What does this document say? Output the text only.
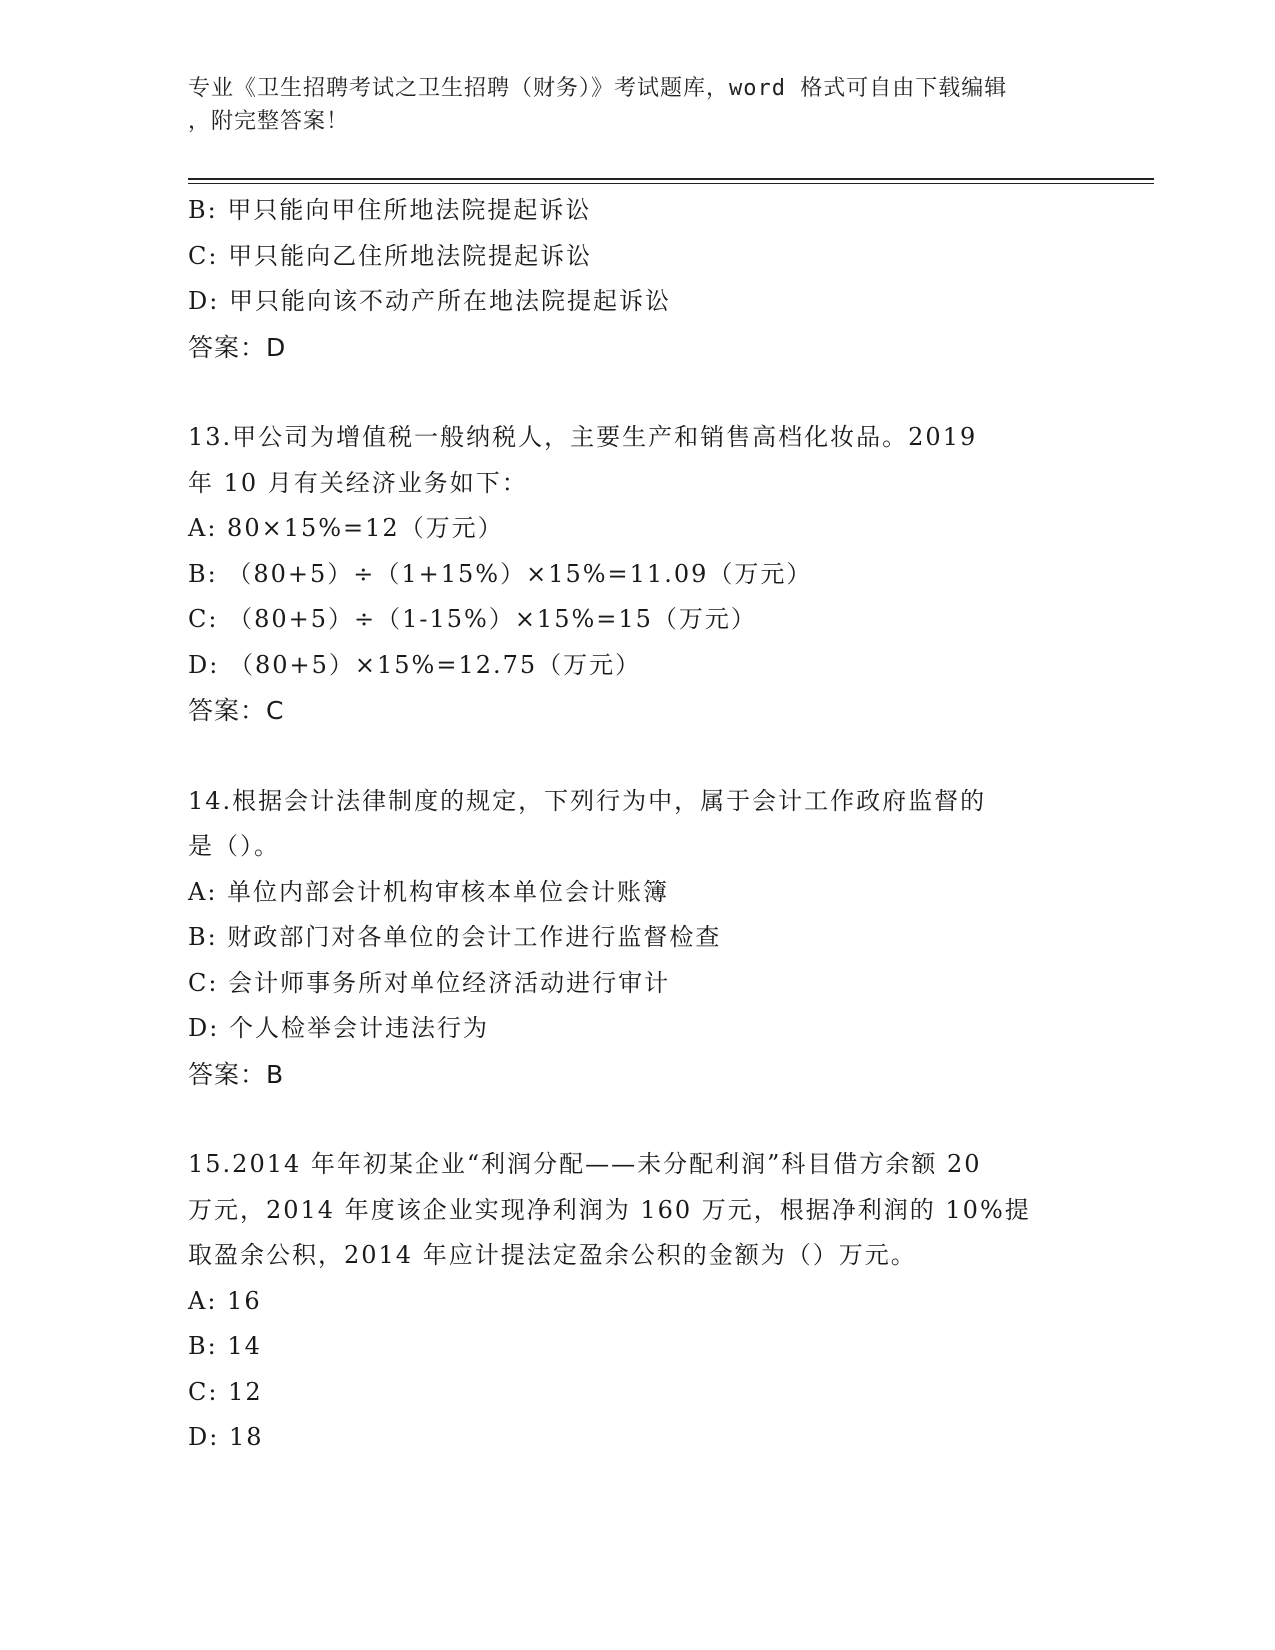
专业《卫生招聘考试之卫生招聘（财务）》考试题库，word 格式可自由下载编辑
，附完整答案！
B: 甲只能向甲住所地法院提起诉讼
C: 甲只能向乙住所地法院提起诉讼
D: 甲只能向该不动产所在地法院提起诉讼
答案：D
13.甲公司为增值税一般纳税人，主要生产和销售高档化妆品。2019
年 10 月有关经济业务如下：
A: 80×15%=12（万元）
B: （80+5）÷（1+15%）×15%=11.09（万元）
C: （80+5）÷（1-15%）×15%=15（万元）
D: （80+5）×15%=12.75（万元）
答案：C
14.根据会计法律制度的规定，下列行为中，属于会计工作政府监督的
是（）。
A: 单位内部会计机构审核本单位会计账簿
B: 财政部门对各单位的会计工作进行监督检查
C: 会计师事务所对单位经济活动进行审计
D: 个人检举会计违法行为
答案：B
15.2014 年年初某企业“利润分配——未分配利润”科目借方余额 20
万元，2014 年度该企业实现净利润为 160 万元，根据净利润的 10%提
取盈余公积，2014 年应计提法定盈余公积的金额为（）万元。
A: 16
B: 14
C: 12
D: 18
